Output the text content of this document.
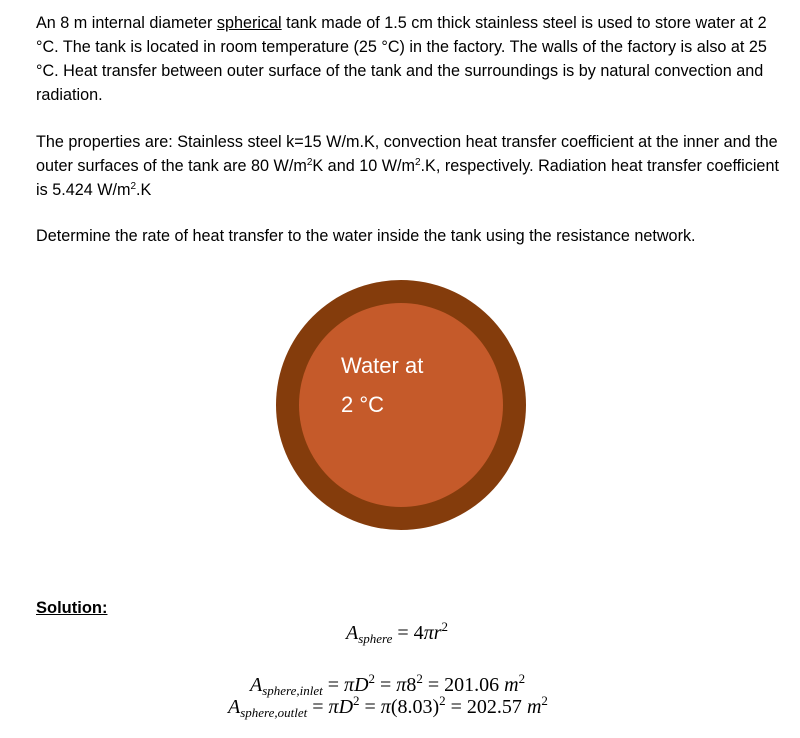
An 8 m internal diameter spherical tank made of 1.5 cm thick stainless steel is used to store water at 2 °C. The tank is located in room temperature (25 °C) in the factory. The walls of the factory is also at 25 °C. Heat transfer between outer surface of the tank and the surroundings is by natural convection and radiation.

The properties are: Stainless steel k=15 W/m.K, convection heat transfer coefficient at the inner and the outer surfaces of the tank are 80 $W/m^2K$ and 10 $W/m^2.K$, respectively. Radiation heat transfer coefficient is 5.424 $W/m^2.K$

Determine the rate of heat transfer to the water inside the tank using the resistance network.

Water at
2 °C
Solution:
$A_{sphere} = 4\pi r^2$
$A_{sphere,inlet} = \pi D^2 = \pi 8^2 = 201.06$ $m^2$
$A_{sphere,outlet} = \pi D^2 = \pi(8.03)^2 = 202.57$ $m^2$
